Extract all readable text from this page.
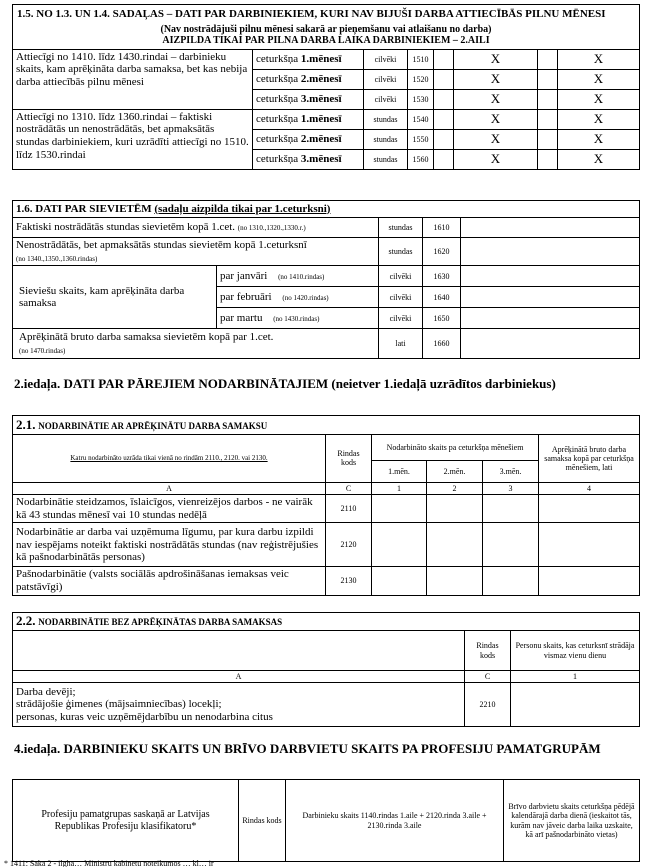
1.5. NO 1.3. UN 1.4. SADAĻAS – DATI PAR DARBINIEKIEM, KURI NAV BIJUŠI DARBA ATTIECĪBĀS PILNU MĒNESI
(Nav nostrādājuši pilnu mēnesi sakarā ar pieņemšanu vai atlaišanu no darba)
AIZPILDA TIKAI PAR PILNA DARBA LAIKA DARBINIEKIEM – 2.AILI							

Attiecīgi no 1410. līdz 1430.rindai – darbinieku skaits, kam aprēķināta darba samaksa, bet kas nebija darba attiecībās pilnu mēnesi	ceturkšņa 1.mēnesī	cilvēki	1510		X		X
	ceturkšņa 2.mēnesī	cilvēki	1520		X		X
	ceturkšņa 3.mēnesī	cilvēki	1530		X		X
Attiecīgi no 1310. līdz 1360.rindai – faktiski nostrādātās un nenostrādātās, bet apmaksātās stundas darbiniekiem, kuri uzrādīti attiecīgi no 1510. līdz 1530.rindai	ceturkšņa 1.mēnesī	stundas	1540		X		X
	ceturkšņa 2.mēnesī	stundas	1550		X		X
	ceturkšņa 3.mēnesī	stundas	1560		X		X
1.6. DATI PAR SIEVIETĒM (sadaļu aizpilda tikai par 1.ceturksni)				
Faktiski nostrādātās stundas sievietēm kopā 1.cet. (no 1310.,1320.,1330.r.)		stundas	1610	
Nenostrādātās, bet apmaksātās stundas sievietēm kopā 1.ceturksnī
(no 1340.,1350.,1360.rindas)		stundas	1620	
Sieviešu skaits, kam aprēķināta darba samaksa	par janvāri (no 1410.rindas)	cilvēki	1630	
	par februāri (no 1420.rindas)	cilvēki	1640	
	par martu (no 1430.rindas)	cilvēki	1650	
Aprēķinātā bruto darba samaksa sievietēm kopā par 1.cet.
(no 1470.rindas)		lati	1660	
2.iedaļa. DATI PAR PĀREJIEM NODARBINĀTAJIEM (neietver 1.iedaļā uzrādītos darbiniekus)
2.1. NODARBINĀTIE AR APRĒĶINĀTU DARBA SAMAKSU					
Katru nodarbināto uzrāda tikai vienā no rindām 2110., 2120. vai 2130.	Rindas kods	Nodarbināto skaits pa ceturkšņa mēnešiem			Aprēķinātā bruto darba samaksa kopā par ceturkšņa mēnešiem, lati
		1.mēn.	2.mēn.	3.mēn.	
A	C	1	2	3	4
Nodarbinātie steidzamos, īslaicīgos, vienreizējos darbos - ne vairāk kā 43 stundas mēnesī vai 10 stundas nedēļā	2110				
Nodarbinātie ar darba vai uzņēmuma līgumu, par kura darbu izpildi nav iespējams noteikt faktiski nostrādātās stundas (nav reģistrējušies kā pašnodarbinātās personas)	2120				
Pašnodarbinātie (valsts sociālās apdrošināšanas iemaksas veic patstāvīgi)	2130				
2.2. NODARBINĀTIE BEZ APRĒĶINĀTAS DARBA SAMAKSAS		
	Rindas kods	Personu skaits, kas ceturksnī strādāja vismaz vienu dienu
A	C	1

Darba devēji;
strādājošie ģimenes (mājsaimniecības) locekļi;
personas, kuras veic uzņēmējdarbību un nenodarbina citus	2210	
4.iedaļa. DARBINIEKU SKAITS UN BRĪVO DARBVIETU SKAITS PA PROFESIJU PAMATGRUPĀM
Profesiju pamatgrupas saskaņā ar Latvijas Republikas Profesiju klasifikatoru*	Rindas kods	Darbinieku skaits 1140.rindas 1.aile + 2120.rinda 3.aile + 2130.rinda 3.aile	Brīvo darbvietu skaits ceturkšņa pēdējā kalendārajā darba dienā (ieskaitot tās, kurām nav jāveic darba laika uzskaite, kā arī pašnodarbināto vietas)
* 1411: Saka 2 - ilgha… Ministru kabinetu noteikumos … kl… ir
